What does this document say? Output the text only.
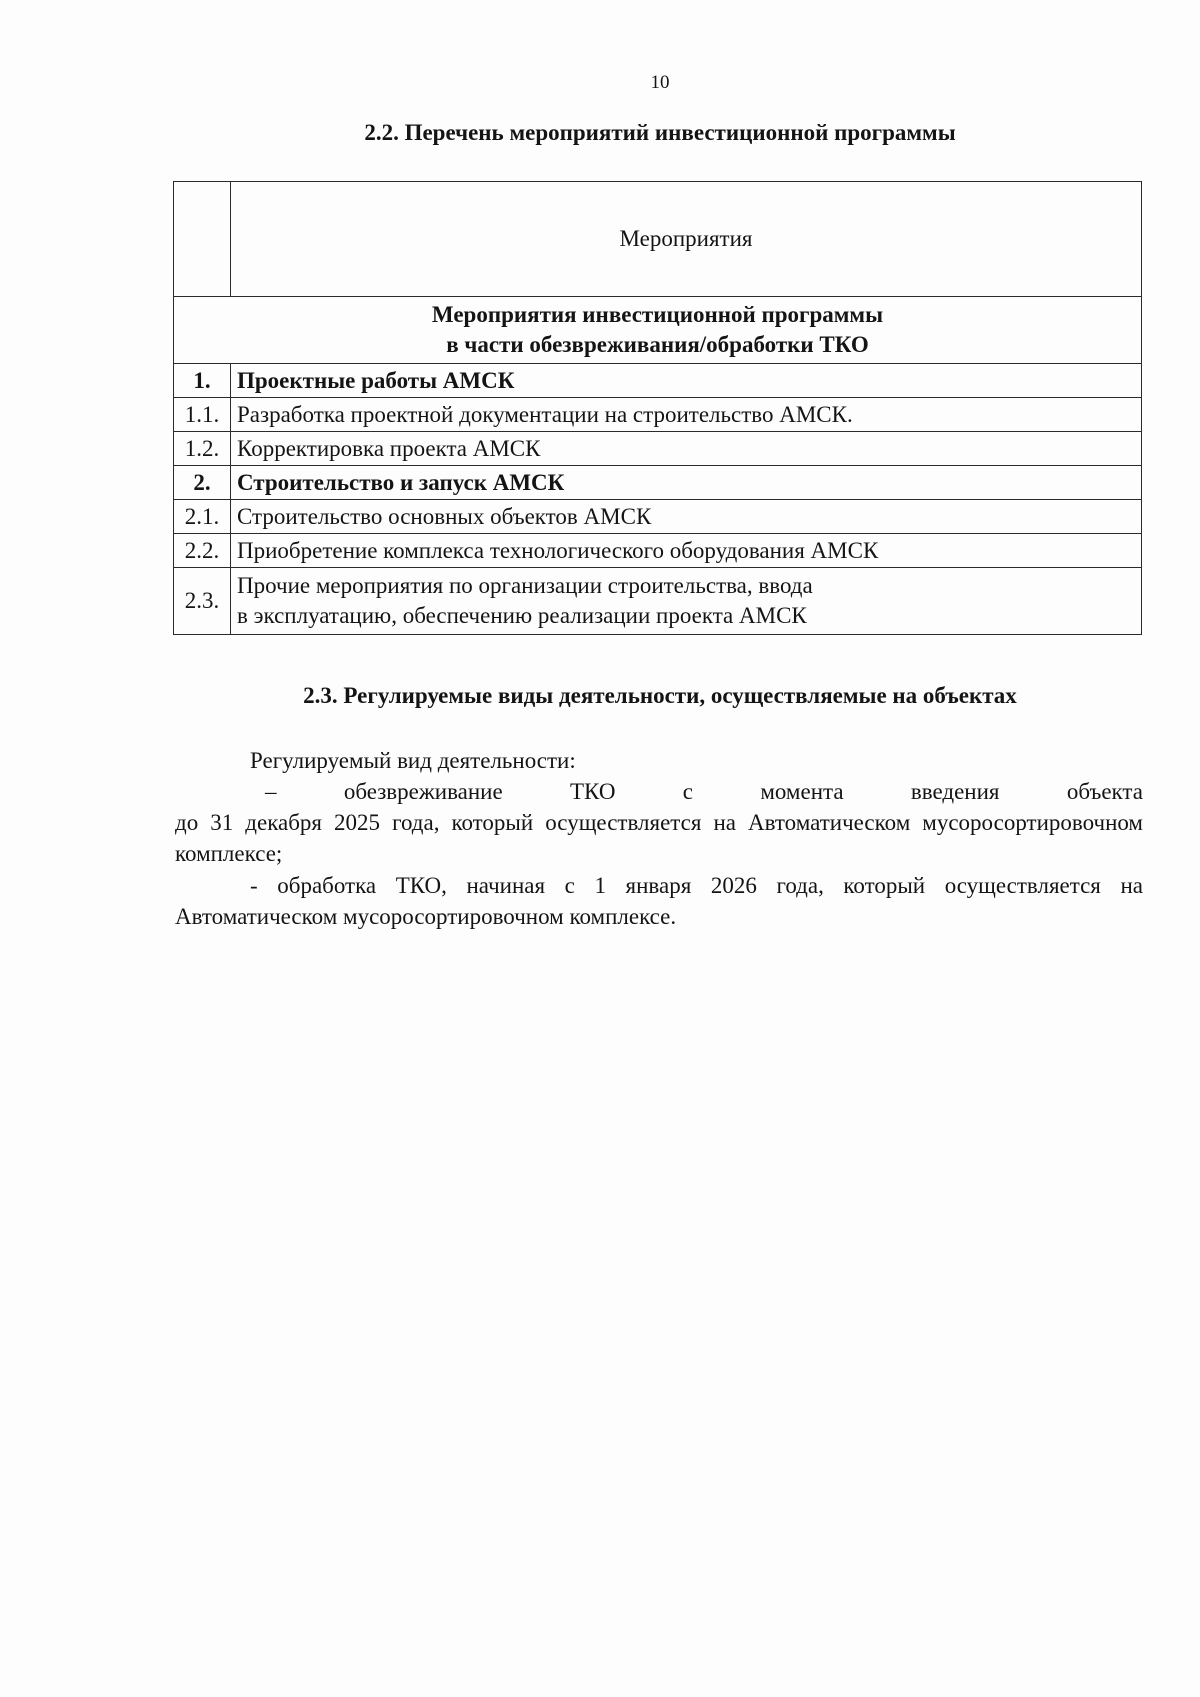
10
2.2. Перечень мероприятий инвестиционной программы
	Мероприятия

Мероприятия инвестиционной программы
в части обезвреживания/обработки ТКО	

1.	Проектные работы АМСК
1.1.	Разработка проектной документации на строительство АМСК.
1.2.	Корректировка проекта АМСК
2.	Строительство и запуск АМСК
2.1.	Строительство основных объектов АМСК
2.2.	Приобретение комплекса технологического оборудования АМСК
2.3.	Прочие мероприятия по организации строительства, ввода
в эксплуатацию, обеспечению реализации проекта АМСК
2.3. Регулируемые виды деятельности, осуществляемые на объектах
Регулируемый вид деятельности:
–	обезвреживание	ТКО	с	момента	введения	объекта
до 31 декабря 2025 года, который осуществляется на Автоматическом мусоросортировочном комплексе;
- обработка ТКО, начиная с 1 января 2026 года, который осуществляется на Автоматическом мусоросортировочном комплексе.
